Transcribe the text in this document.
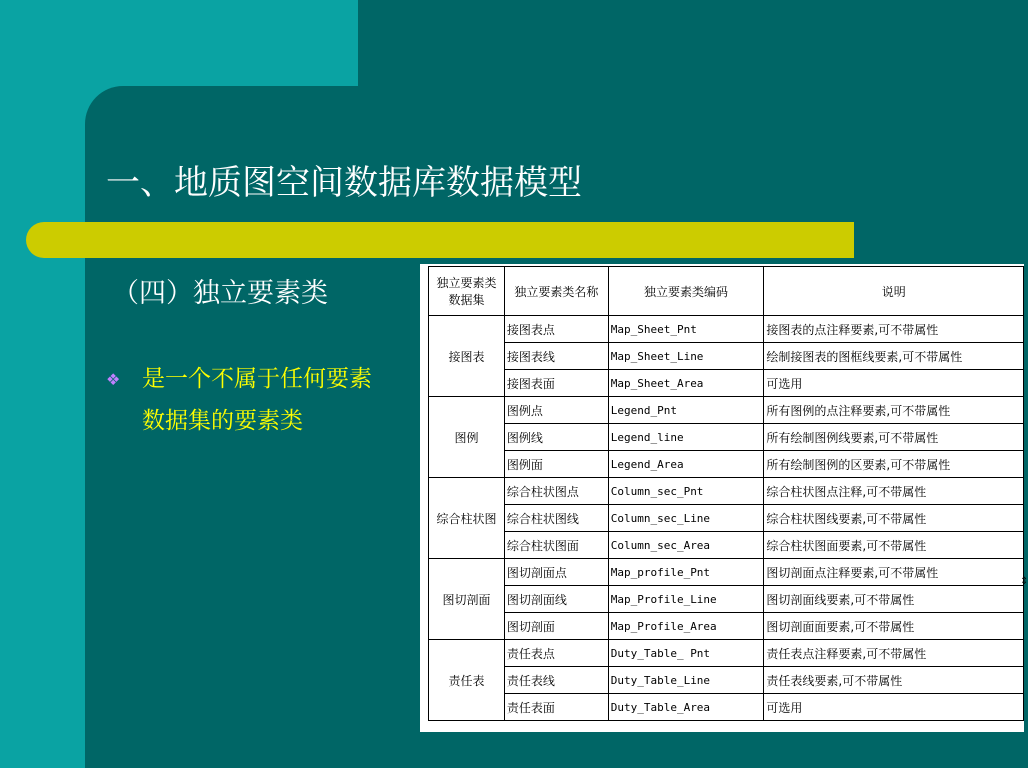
一、地质图空间数据库数据模型
（四）独立要素类
❖ 是一个不属于任何要素数据集的要素类
独立要素类数据集	独立要素类名称	独立要素类编码	说明
接图表	接图表点	Map_Sheet_Pnt	接图表的点注释要素,可不带属性
	接图表线	Map_Sheet_Line	绘制接图表的图框线要素,可不带属性
	接图表面	Map_Sheet_Area	可选用
图例	图例点	Legend_Pnt	所有图例的点注释要素,可不带属性
	图例线	Legend_line	所有绘制图例线要素,可不带属性
	图例面	Legend_Area	所有绘制图例的区要素,可不带属性
综合柱状图	综合柱状图点	Column_sec_Pnt	综合柱状图点注释,可不带属性
	综合柱状图线	Column_sec_Line	综合柱状图线要素,可不带属性
	综合柱状图面	Column_sec_Area	综合柱状图面要素,可不带属性
图切剖面	图切剖面点	Map_profile_Pnt	图切剖面点注释要素,可不带属性
	图切剖面线	Map_Profile_Line	图切剖面线要素,可不带属性
	图切剖面	Map_Profile_Area	图切剖面面要素,可不带属性
责任表	责任表点	Duty_Table_ Pnt	责任表点注释要素,可不带属性
	责任表线	Duty_Table_Line	责任表线要素,可不带属性
	责任表面	Duty_Table_Area	可选用
⇕
